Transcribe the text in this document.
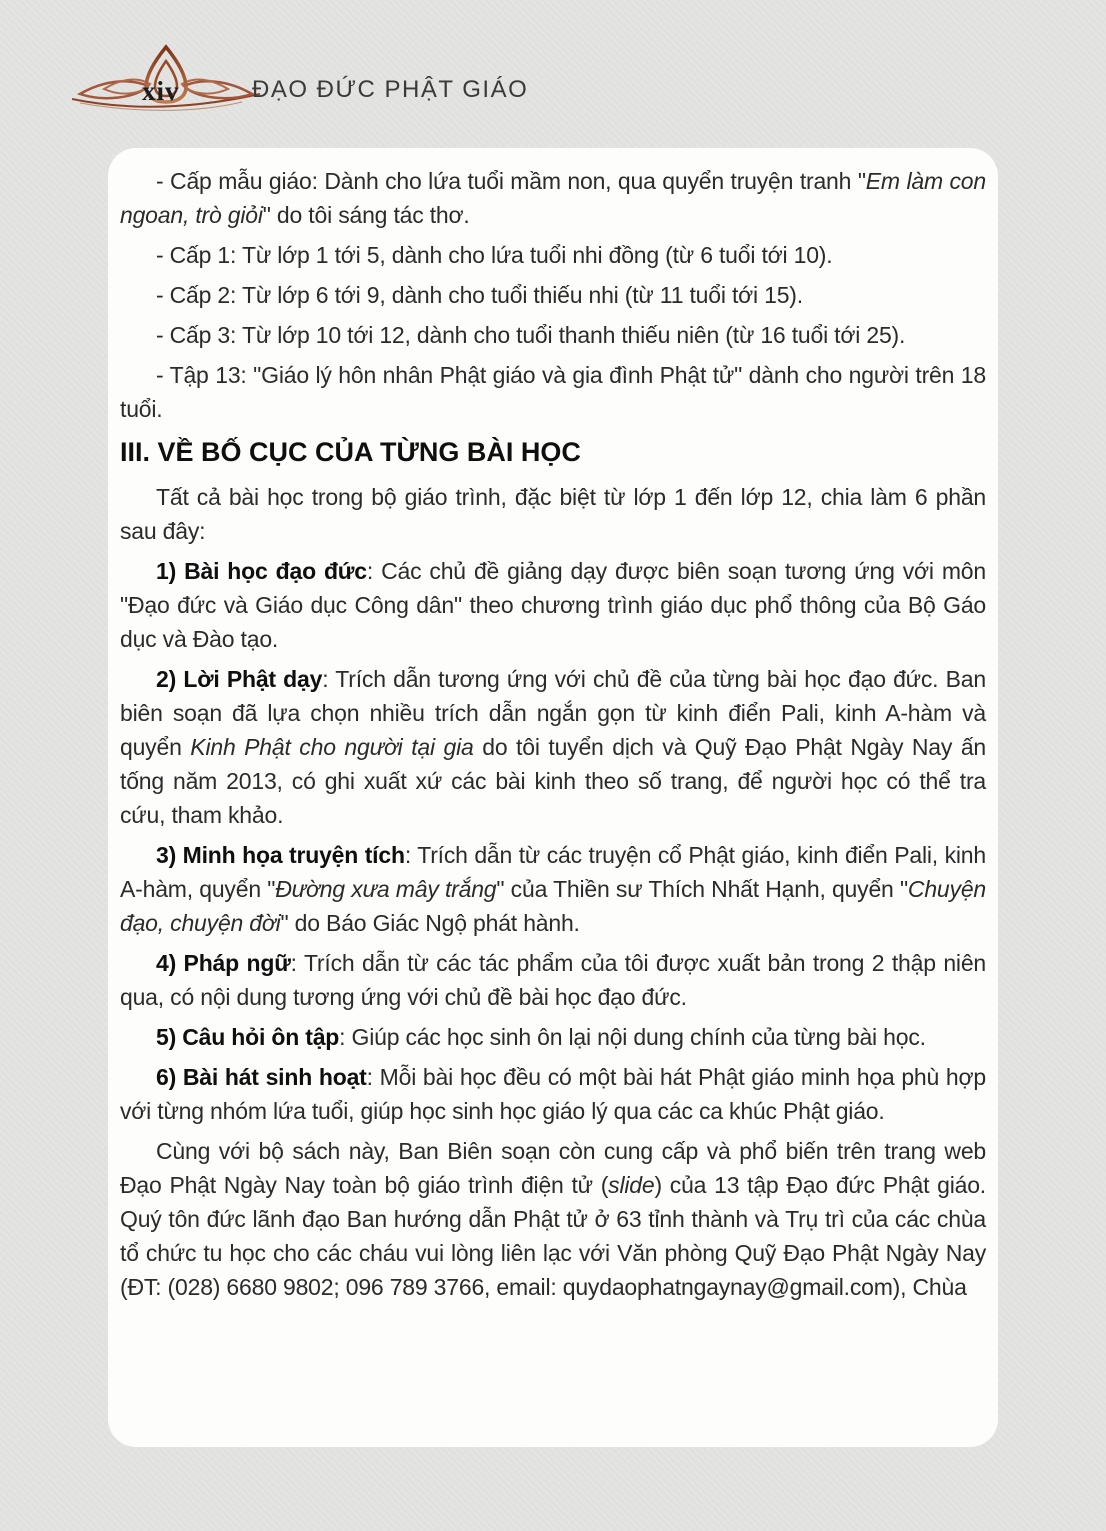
xiv	ĐẠO ĐỨC PHẬT GIÁO

- Cấp mẫu giáo: Dành cho lứa tuổi mầm non, qua quyển truyện tranh "Em làm con ngoan, trò giỏi" do tôi sáng tác thơ.

- Cấp 1: Từ lớp 1 tới 5, dành cho lứa tuổi nhi đồng (từ 6 tuổi tới 10).

- Cấp 2: Từ lớp 6 tới 9, dành cho tuổi thiếu nhi (từ 11 tuổi tới 15).

- Cấp 3: Từ lớp 10 tới 12, dành cho tuổi thanh thiếu niên (từ 16 tuổi tới 25).

- Tập 13: "Giáo lý hôn nhân Phật giáo và gia đình Phật tử" dành cho người trên 18 tuổi.

III. VỀ BỐ CỤC CỦA TỪNG BÀI HỌC

Tất cả bài học trong bộ giáo trình, đặc biệt từ lớp 1 đến lớp 12, chia làm 6 phần sau đây:

1) Bài học đạo đức: Các chủ đề giảng dạy được biên soạn tương ứng với môn "Đạo đức và Giáo dục Công dân" theo chương trình giáo dục phổ thông của Bộ Gáo dục và Đào tạo.

2) Lời Phật dạy: Trích dẫn tương ứng với chủ đề của từng bài học đạo đức. Ban biên soạn đã lựa chọn nhiều trích dẫn ngắn gọn từ kinh điển Pali, kinh A-hàm và quyển Kinh Phật cho người tại gia do tôi tuyển dịch và Quỹ Đạo Phật Ngày Nay ấn tống năm 2013, có ghi xuất xứ các bài kinh theo số trang, để người học có thể tra cứu, tham khảo.

3) Minh họa truyện tích: Trích dẫn từ các truyện cổ Phật giáo, kinh điển Pali, kinh A-hàm, quyển "Đường xưa mây trắng" của Thiền sư Thích Nhất Hạnh, quyển "Chuyện đạo, chuyện đời" do Báo Giác Ngộ phát hành.

4) Pháp ngữ: Trích dẫn từ các tác phẩm của tôi được xuất bản trong 2 thập niên qua, có nội dung tương ứng với chủ đề bài học đạo đức.

5) Câu hỏi ôn tập: Giúp các học sinh ôn lại nội dung chính của từng bài học.

6) Bài hát sinh hoạt: Mỗi bài học đều có một bài hát Phật giáo minh họa phù hợp với từng nhóm lứa tuổi, giúp học sinh học giáo lý qua các ca khúc Phật giáo.

Cùng với bộ sách này, Ban Biên soạn còn cung cấp và phổ biến trên trang web Đạo Phật Ngày Nay toàn bộ giáo trình điện tử (slide) của 13 tập Đạo đức Phật giáo. Quý tôn đức lãnh đạo Ban hướng dẫn Phật tử ở 63 tỉnh thành và Trụ trì của các chùa tổ chức tu học cho các cháu vui lòng liên lạc với Văn phòng Quỹ Đạo Phật Ngày Nay (ĐT: (028) 6680 9802; 096 789 3766, email: quydaophatngaynay@gmail.com), Chùa
